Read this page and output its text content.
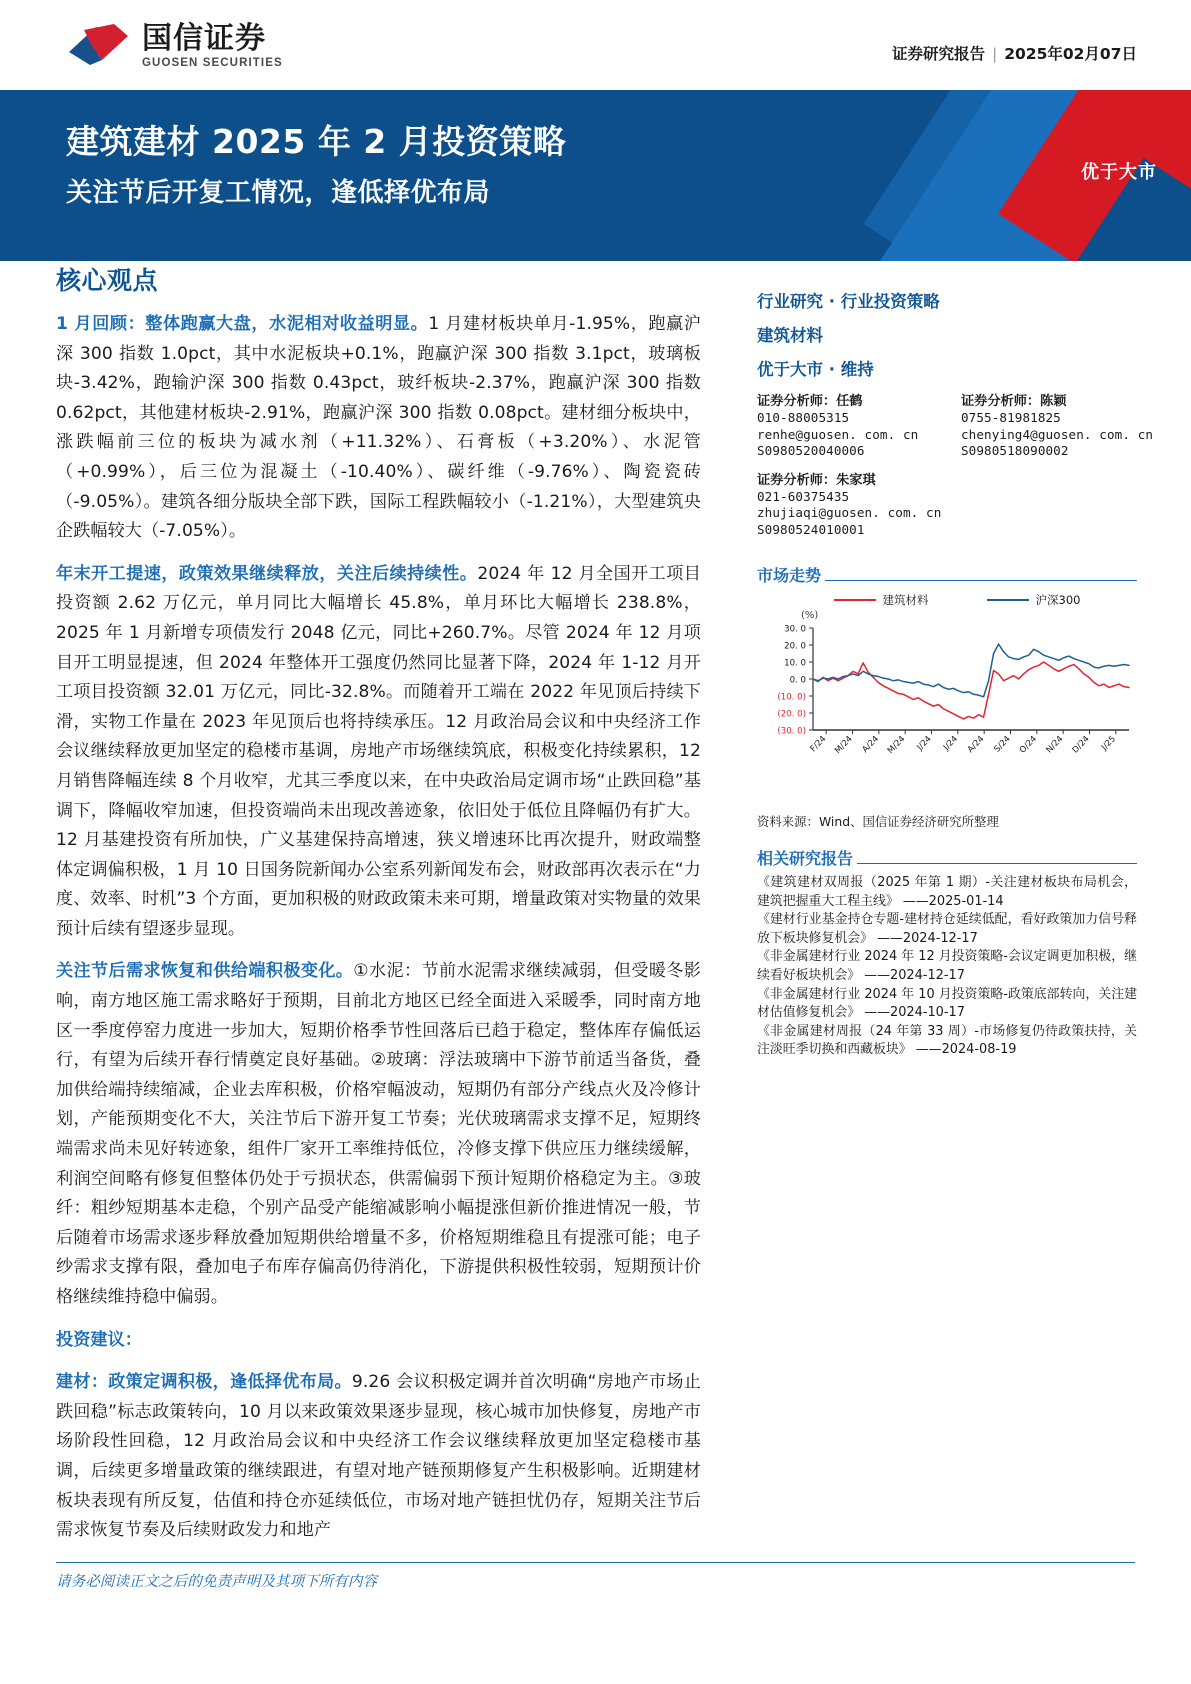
国信证券
GUOSEN SECURITIES
证券研究报告 | 2025年02月07日
建筑建材 2025 年 2 月投资策略
关注节后开复工情况，逢低择优布局
优于大市
核心观点
1 月回顾：整体跑赢大盘，水泥相对收益明显。1 月建材板块单月-1.95%，跑赢沪深 300 指数 1.0pct，其中水泥板块+0.1%，跑赢沪深 300 指数 3.1pct，玻璃板块-3.42%，跑输沪深 300 指数 0.43pct，玻纤板块-2.37%，跑赢沪深 300 指数 0.62pct，其他建材板块-2.91%，跑赢沪深 300 指数 0.08pct。建材细分板块中，涨跌幅前三位的板块为减水剂（+11.32%）、石膏板（+3.20%）、水泥管（+0.99%），后三位为混凝土（-10.40%）、碳纤维（-9.76%）、陶瓷瓷砖（-9.05%）。建筑各细分版块全部下跌，国际工程跌幅较小（-1.21%），大型建筑央企跌幅较大（-7.05%）。
年末开工提速，政策效果继续释放，关注后续持续性。2024 年 12 月全国开工项目投资额 2.62 万亿元，单月同比大幅增长 45.8%，单月环比大幅增长 238.8%，2025 年 1 月新增专项债发行 2048 亿元，同比+260.7%。尽管 2024 年 12 月项目开工明显提速，但 2024 年整体开工强度仍然同比显著下降，2024 年 1-12 月开工项目投资额 32.01 万亿元，同比-32.8%。而随着开工端在 2022 年见顶后持续下滑，实物工作量在 2023 年见顶后也将持续承压。12 月政治局会议和中央经济工作会议继续释放更加坚定的稳楼市基调，房地产市场继续筑底，积极变化持续累积，12 月销售降幅连续 8 个月收窄，尤其三季度以来，在中央政治局定调市场“止跌回稳”基调下，降幅收窄加速，但投资端尚未出现改善迹象，依旧处于低位且降幅仍有扩大。12 月基建投资有所加快，广义基建保持高增速，狭义增速环比再次提升，财政端整体定调偏积极，1 月 10 日国务院新闻办公室系列新闻发布会，财政部再次表示在“力度、效率、时机”3 个方面，更加积极的财政政策未来可期，增量政策对实物量的效果预计后续有望逐步显现。
关注节后需求恢复和供给端积极变化。①水泥：节前水泥需求继续减弱，但受暖冬影响，南方地区施工需求略好于预期，目前北方地区已经全面进入采暖季，同时南方地区一季度停窑力度进一步加大，短期价格季节性回落后已趋于稳定，整体库存偏低运行，有望为后续开春行情奠定良好基础。②玻璃：浮法玻璃中下游节前适当备货，叠加供给端持续缩减，企业去库积极，价格窄幅波动，短期仍有部分产线点火及冷修计划，产能预期变化不大，关注节后下游开复工节奏；光伏玻璃需求支撑不足，短期终端需求尚未见好转迹象，组件厂家开工率维持低位，冷修支撑下供应压力继续缓解，利润空间略有修复但整体仍处于亏损状态，供需偏弱下预计短期价格稳定为主。③玻纤：粗纱短期基本走稳，个别产品受产能缩减影响小幅提涨但新价推进情况一般，节后随着市场需求逐步释放叠加短期供给增量不多，价格短期维稳且有提涨可能；电子纱需求支撑有限，叠加电子布库存偏高仍待消化，下游提供积极性较弱，短期预计价格继续维持稳中偏弱。
投资建议：
建材：政策定调积极，逢低择优布局。9.26 会议积极定调并首次明确“房地产市场止跌回稳”标志政策转向，10 月以来政策效果逐步显现，核心城市加快修复，房地产市场阶段性回稳，12 月政治局会议和中央经济工作会议继续释放更加坚定稳楼市基调，后续更多增量政策的继续跟进，有望对地产链预期修复产生积极影响。近期建材板块表现有所反复，估值和持仓亦延续低位，市场对地产链担忧仍存，短期关注节后需求恢复节奏及后续财政发力和地产
行业研究 · 行业投资策略
建筑材料
优于大市 · 维持
证券分析师：任鹤
010-88005315
renhe@guosen. com. cn
S0980520040006
证券分析师：朱家琪
021-60375435
zhujiaqi@guosen. com. cn
S0980524010001
证券分析师：陈颖
0755-81981825
chenying4@guosen. com. cn
S0980518090002
市场走势
建筑材料	沪深300
(%)
30. 0
20. 0
10. 0
0. 0
(10. 0)
(20. 0)
(30. 0)
F/24 M/24 A/24 M/24 J/24 J/24 A/24 S/24 O/24 N/24 D/24 J/25
资料来源：Wind、国信证券经济研究所整理
相关研究报告
《建筑建材双周报（2025 年第 1 期）-关注建材板块布局机会，建筑把握重大工程主线》 ——2025-01-14
《建材行业基金持仓专题-建材持仓延续低配，看好政策加力信号释放下板块修复机会》 ——2024-12-17
《非金属建材行业 2024 年 12 月投资策略-会议定调更加积极，继续看好板块机会》 ——2024-12-17
《非金属建材行业 2024 年 10 月投资策略-政策底部转向，关注建材估值修复机会》 ——2024-10-17
《非金属建材周报（24 年第 33 周）-市场修复仍待政策扶持，关注淡旺季切换和西藏板块》 ——2024-08-19
请务必阅读正文之后的免责声明及其项下所有内容
